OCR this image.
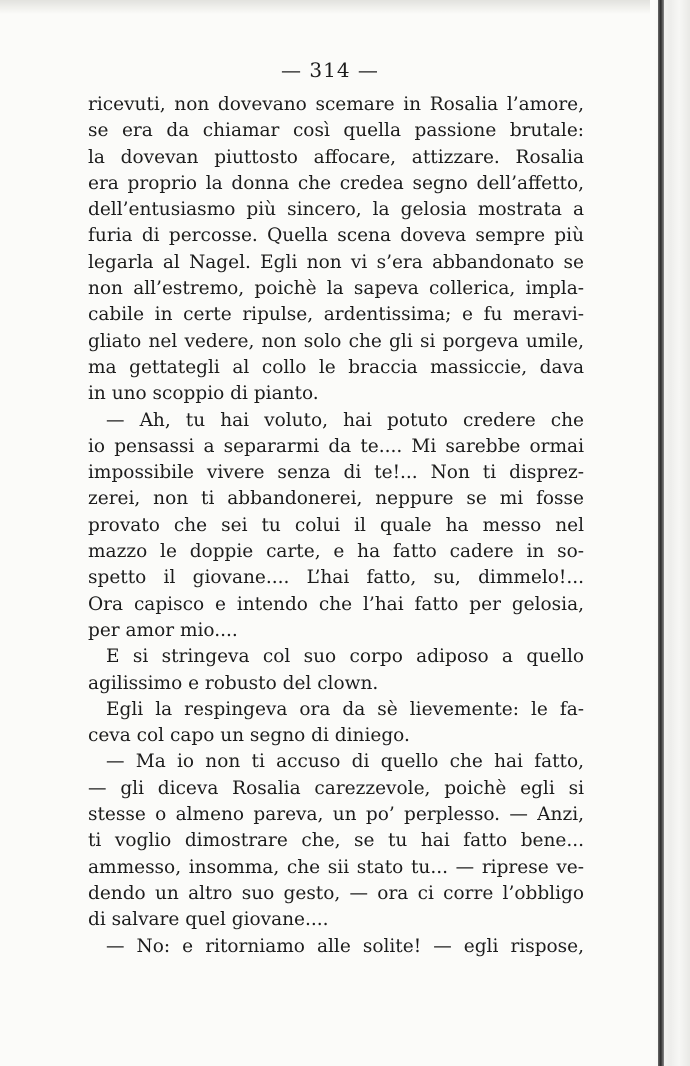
— 314 —

ricevuti, non dovevano scemare in Rosalia l’amore,
se era da chiamar così quella passione brutale:
la dovevan piuttosto affocare, attizzare. Rosalia
era proprio la donna che credea segno dell’affetto,
dell’entusiasmo più sincero, la gelosia mostrata a
furia di percosse. Quella scena doveva sempre più
legarla al Nagel. Egli non vi s’era abbandonato se
non all’estremo, poichè la sapeva collerica, impla-
cabile in certe ripulse, ardentissima; e fu meravi-
gliato nel vedere, non solo che gli si porgeva umile,
ma gettategli al collo le braccia massiccie, dava
in uno scoppio di pianto.
— Ah, tu hai voluto, hai potuto credere che
io pensassi a separarmi da te.... Mi sarebbe ormai
impossibile vivere senza di te!... Non ti disprez-
zerei, non ti abbandonerei, neppure se mi fosse
provato che sei tu colui il quale ha messo nel
mazzo le doppie carte, e ha fatto cadere in so-
spetto il giovane.... L’hai fatto, su, dimmelo!...
Ora capisco e intendo che l’hai fatto per gelosia,
per amor mio....
E si stringeva col suo corpo adiposo a quello
agilissimo e robusto del clown.
Egli la respingeva ora da sè lievemente: le fa-
ceva col capo un segno di diniego.
— Ma io non ti accuso di quello che hai fatto,
— gli diceva Rosalia carezzevole, poichè egli si
stesse o almeno pareva, un po’ perplesso. — Anzi,
ti voglio dimostrare che, se tu hai fatto bene...
ammesso, insomma, che sii stato tu... — riprese ve-
dendo un altro suo gesto, — ora ci corre l’obbligo
di salvare quel giovane....
— No: e ritorniamo alle solite! — egli rispose,
